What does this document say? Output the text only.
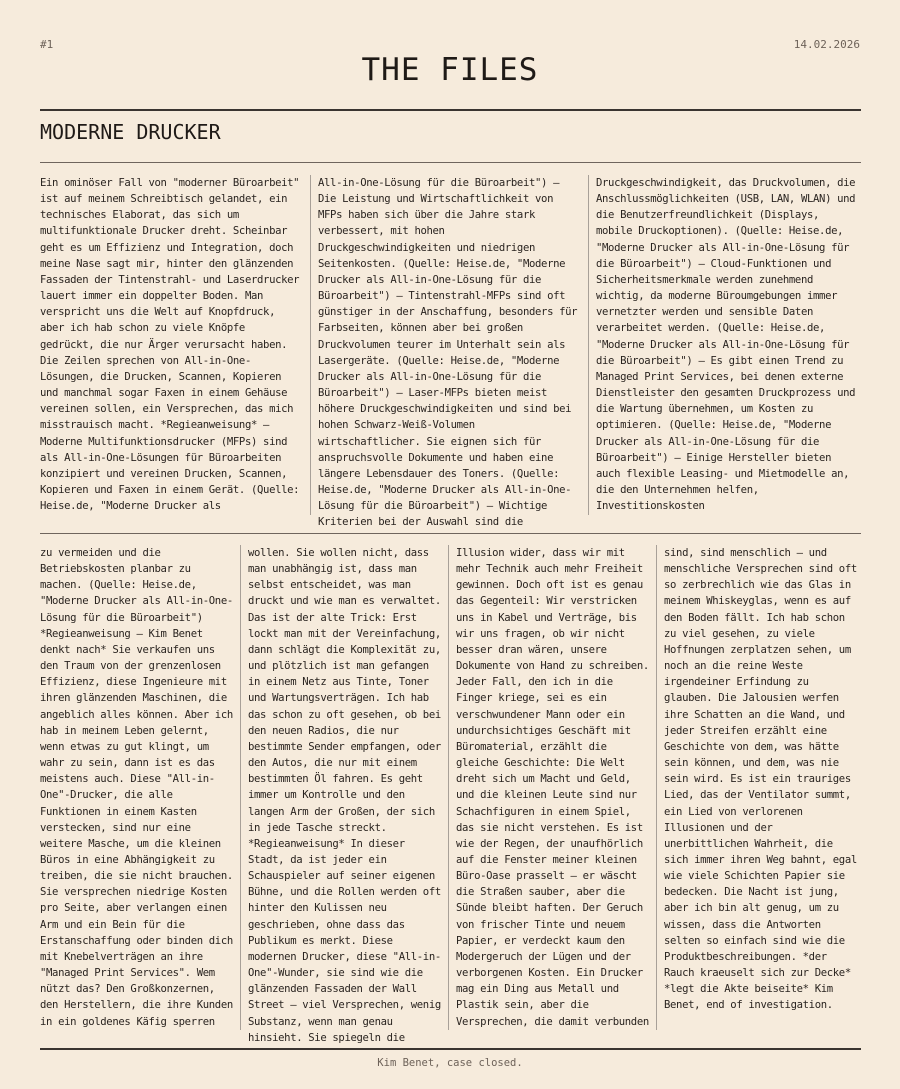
#1	14.02.2026
THE FILES
MODERNE DRUCKER
Ein ominöser Fall von "moderner Büroarbeit" ist auf meinem Schreibtisch gelandet, ein technisches Elaborat, das sich um multifunktionale Drucker dreht. Scheinbar geht es um Effizienz und Integration, doch meine Nase sagt mir, hinter den glänzenden Fassaden der Tintenstrahl- und Laserdrucker lauert immer ein doppelter Boden. Man verspricht uns die Welt auf Knopfdruck, aber ich hab schon zu viele Knöpfe gedrückt, die nur Ärger verursacht haben. Die Zeilen sprechen von All-in-One-Lösungen, die Drucken, Scannen, Kopieren und manchmal sogar Faxen in einem Gehäuse vereinen sollen, ein Versprechen, das mich misstrauisch macht. *Regieanweisung* – Moderne Multifunktionsdrucker (MFPs) sind als All-in-One-Lösungen für Büroarbeiten konzipiert und vereinen Drucken, Scannen, Kopieren und Faxen in einem Gerät. (Quelle: Heise.de, "Moderne Drucker als
All-in-One-Lösung für die Büroarbeit") – Die Leistung und Wirtschaftlichkeit von MFPs haben sich über die Jahre stark verbessert, mit hohen Druckgeschwindigkeiten und niedrigen Seitenkosten. (Quelle: Heise.de, "Moderne Drucker als All-in-One-Lösung für die Büroarbeit") – Tintenstrahl-MFPs sind oft günstiger in der Anschaffung, besonders für Farbseiten, können aber bei großen Druckvolumen teurer im Unterhalt sein als Lasergeräte. (Quelle: Heise.de, "Moderne Drucker als All-in-One-Lösung für die Büroarbeit") – Laser-MFPs bieten meist höhere Druckgeschwindigkeiten und sind bei hohen Schwarz-Weiß-Volumen wirtschaftlicher. Sie eignen sich für anspruchsvolle Dokumente und haben eine längere Lebensdauer des Toners. (Quelle: Heise.de, "Moderne Drucker als All-in-One-Lösung für die Büroarbeit") – Wichtige Kriterien bei der Auswahl sind die
Druckgeschwindigkeit, das Druckvolumen, die Anschlussmöglichkeiten (USB, LAN, WLAN) und die Benutzerfreundlichkeit (Displays, mobile Druckoptionen). (Quelle: Heise.de, "Moderne Drucker als All-in-One-Lösung für die Büroarbeit") – Cloud-Funktionen und Sicherheitsmerkmale werden zunehmend wichtig, da moderne Büroumgebungen immer vernetzter werden und sensible Daten verarbeitet werden. (Quelle: Heise.de, "Moderne Drucker als All-in-One-Lösung für die Büroarbeit") – Es gibt einen Trend zu Managed Print Services, bei denen externe Dienstleister den gesamten Druckprozess und die Wartung übernehmen, um Kosten zu optimieren. (Quelle: Heise.de, "Moderne Drucker als All-in-One-Lösung für die Büroarbeit") – Einige Hersteller bieten auch flexible Leasing- und Mietmodelle an, die den Unternehmen helfen, Investitionskosten
zu vermeiden und die Betriebskosten planbar zu machen. (Quelle: Heise.de, "Moderne Drucker als All-in-One-Lösung für die Büroarbeit") *Regieanweisung – Kim Benet denkt nach* Sie verkaufen uns den Traum von der grenzenlosen Effizienz, diese Ingenieure mit ihren glänzenden Maschinen, die angeblich alles können. Aber ich hab in meinem Leben gelernt, wenn etwas zu gut klingt, um wahr zu sein, dann ist es das meistens auch. Diese "All-in-One"-Drucker, die alle Funktionen in einem Kasten verstecken, sind nur eine weitere Masche, um die kleinen Büros in eine Abhängigkeit zu treiben, die sie nicht brauchen. Sie versprechen niedrige Kosten pro Seite, aber verlangen einen Arm und ein Bein für die Erstanschaffung oder binden dich mit Knebelverträgen an ihre "Managed Print Services". Wem nützt das? Den Großkonzernen, den Herstellern, die ihre Kunden in ein goldenes Käfig sperren
wollen. Sie wollen nicht, dass man unabhängig ist, dass man selbst entscheidet, was man druckt und wie man es verwaltet. Das ist der alte Trick: Erst lockt man mit der Vereinfachung, dann schlägt die Komplexität zu, und plötzlich ist man gefangen in einem Netz aus Tinte, Toner und Wartungsverträgen. Ich hab das schon zu oft gesehen, ob bei den neuen Radios, die nur bestimmte Sender empfangen, oder den Autos, die nur mit einem bestimmten Öl fahren. Es geht immer um Kontrolle und den langen Arm der Großen, der sich in jede Tasche streckt. *Regieanweisung* In dieser Stadt, da ist jeder ein Schauspieler auf seiner eigenen Bühne, und die Rollen werden oft hinter den Kulissen neu geschrieben, ohne dass das Publikum es merkt. Diese modernen Drucker, diese "All-in-One"-Wunder, sie sind wie die glänzenden Fassaden der Wall Street – viel Versprechen, wenig Substanz, wenn man genau hinsieht. Sie spiegeln die
Illusion wider, dass wir mit mehr Technik auch mehr Freiheit gewinnen. Doch oft ist es genau das Gegenteil: Wir verstricken uns in Kabel und Verträge, bis wir uns fragen, ob wir nicht besser dran wären, unsere Dokumente von Hand zu schreiben. Jeder Fall, den ich in die Finger kriege, sei es ein verschwundener Mann oder ein undurchsichtiges Geschäft mit Büromaterial, erzählt die gleiche Geschichte: Die Welt dreht sich um Macht und Geld, und die kleinen Leute sind nur Schachfiguren in einem Spiel, das sie nicht verstehen. Es ist wie der Regen, der unaufhörlich auf die Fenster meiner kleinen Büro-Oase prasselt – er wäscht die Straßen sauber, aber die Sünde bleibt haften. Der Geruch von frischer Tinte und neuem Papier, er verdeckt kaum den Modergeruch der Lügen und der verborgenen Kosten. Ein Drucker mag ein Ding aus Metall und Plastik sein, aber die Versprechen, die damit verbunden
sind, sind menschlich – und menschliche Versprechen sind oft so zerbrechlich wie das Glas in meinem Whiskeyglas, wenn es auf den Boden fällt. Ich hab schon zu viel gesehen, zu viele Hoffnungen zerplatzen sehen, um noch an die reine Weste irgendeiner Erfindung zu glauben. Die Jalousien werfen ihre Schatten an die Wand, und jeder Streifen erzählt eine Geschichte von dem, was hätte sein können, und dem, was nie sein wird. Es ist ein trauriges Lied, das der Ventilator summt, ein Lied von verlorenen Illusionen und der unerbittlichen Wahrheit, die sich immer ihren Weg bahnt, egal wie viele Schichten Papier sie bedecken. Die Nacht ist jung, aber ich bin alt genug, um zu wissen, dass die Antworten selten so einfach sind wie die Produktbeschreibungen. *der Rauch kraeuselt sich zur Decke* *legt die Akte beiseite* Kim Benet, end of investigation.
Kim Benet, case closed.
